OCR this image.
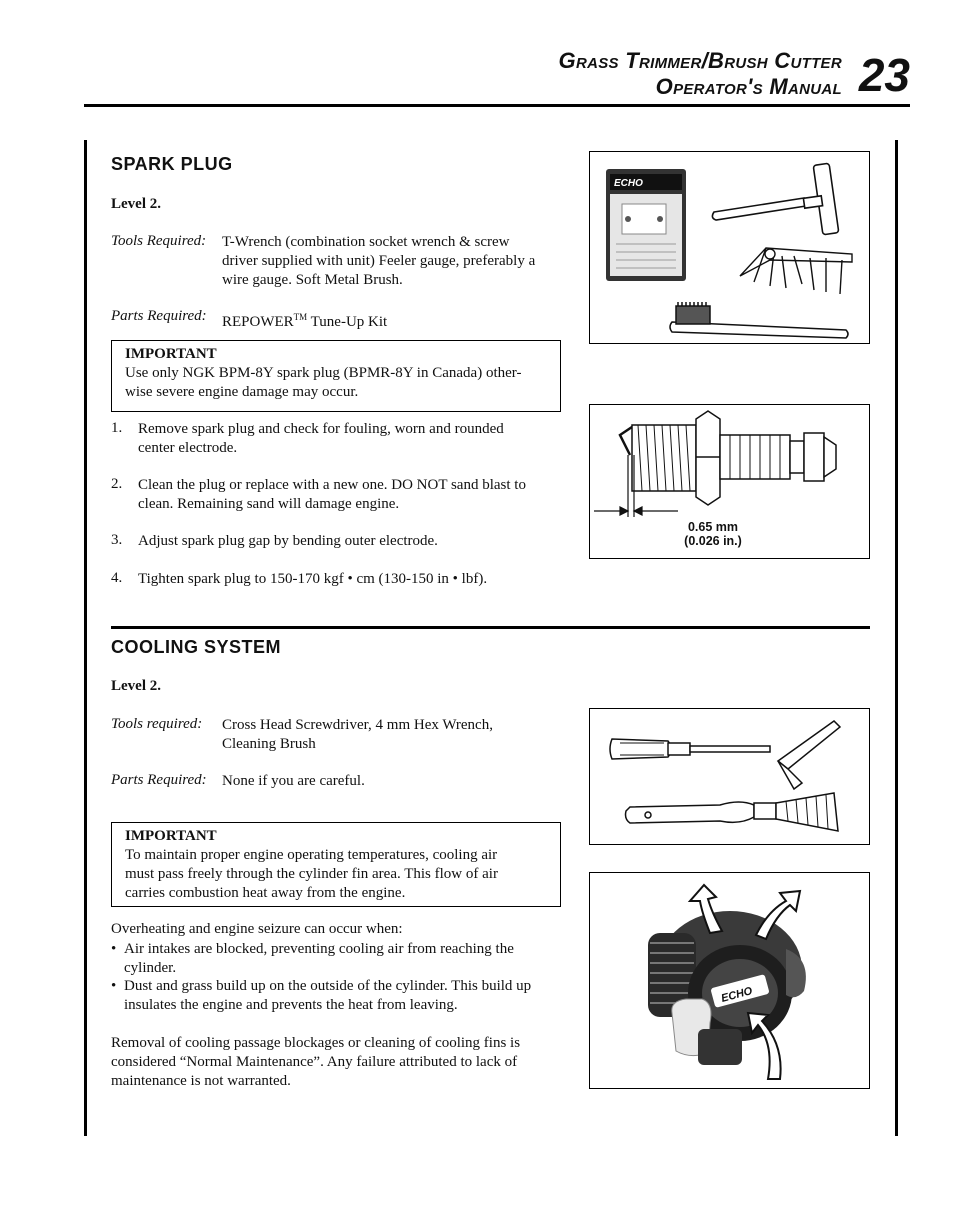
Grass Trimmer/Brush Cutter
Operator's Manual 23
SPARK PLUG
Level 2.
Tools Required: T-Wrench (combination socket wrench & screw
driver supplied with unit) Feeler gauge, preferably a
wire gauge. Soft Metal Brush.
Parts Required: REPOWER™ Tune-Up Kit
IMPORTANT
Use only NGK BPM-8Y spark plug (BPMR-8Y in Canada) other-
wise severe engine damage may occur.
1. Remove spark plug and check for fouling, worn and rounded
center electrode.
2. Clean the plug or replace with a new one. DO NOT sand blast to
clean. Remaining sand will damage engine.
3. Adjust spark plug gap by bending outer electrode.
4. Tighten spark plug to 150-170 kgf • cm (130-150 in • lbf).
ECHO
0.65 mm
(0.026 in.)
COOLING SYSTEM
Level 2.
Tools required: Cross Head Screwdriver, 4 mm Hex Wrench,
Cleaning Brush
Parts Required: None if you are careful.
IMPORTANT
To maintain proper engine operating temperatures, cooling air
must pass freely through the cylinder fin area. This flow of air
carries combustion heat away from the engine.
Overheating and engine seizure can occur when:
• Air intakes are blocked, preventing cooling air from reaching the
cylinder.
• Dust and grass build up on the outside of the cylinder. This build up
insulates the engine and prevents the heat from leaving.
Removal of cooling passage blockages or cleaning of cooling fins is
considered “Normal Maintenance”. Any failure attributed to lack of
maintenance is not warranted.
ECHO
